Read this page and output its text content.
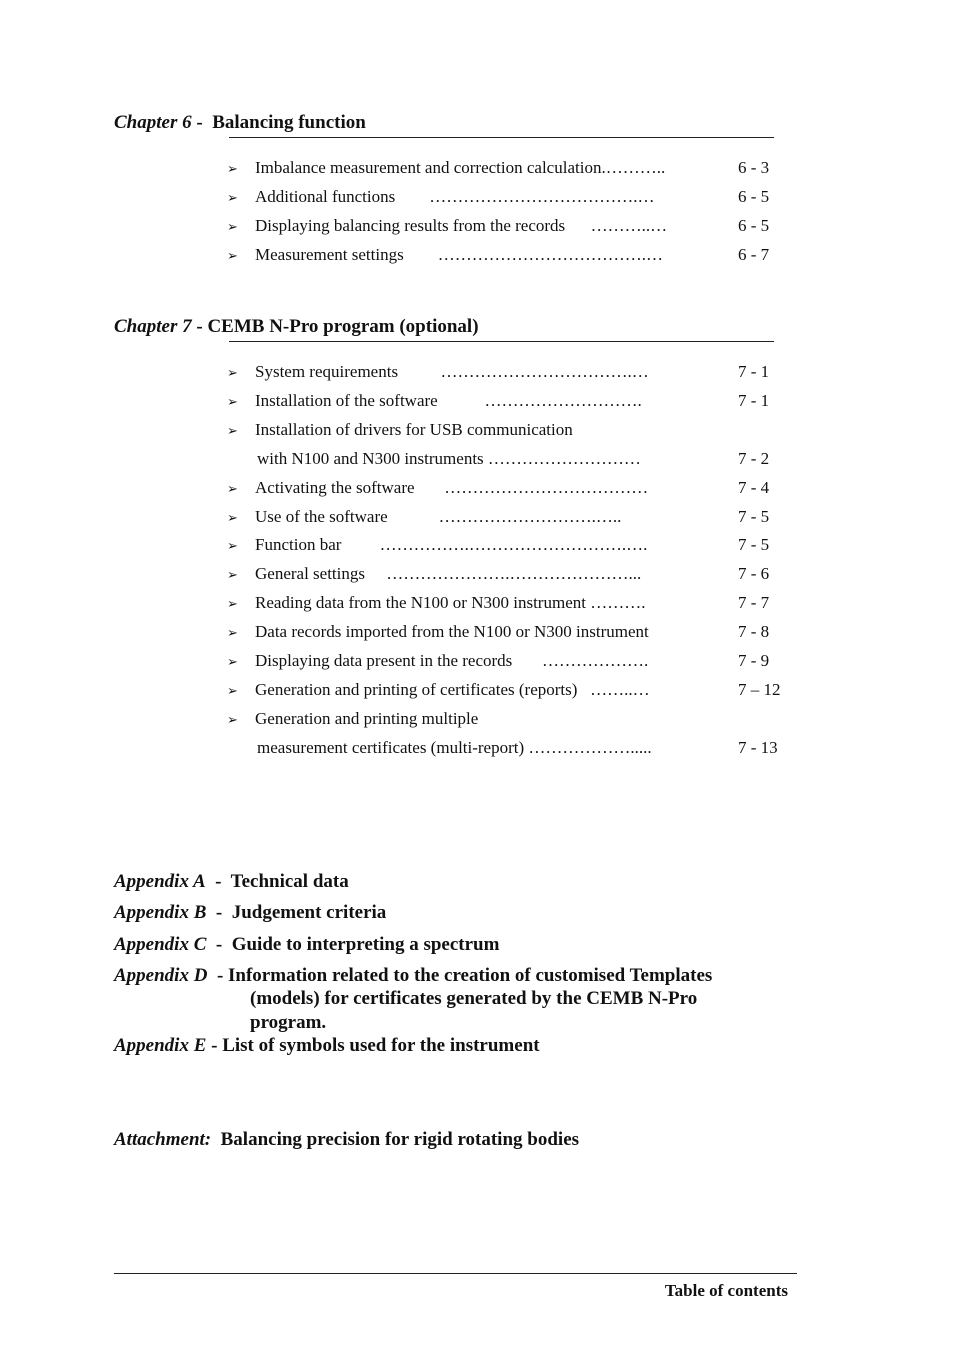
Chapter 6 -  Balancing function
➢ Imbalance measurement and correction calculation.………..	6 - 3
➢ Additional functions        ……………………………….…	6 - 5
➢ Displaying balancing results from the records      ………..…	6 - 5
➢ Measurement settings        ……………………………….…	6 - 7
Chapter 7 - CEMB N-Pro program (optional)
➢ System requirements          …………………………….…	7 - 1
➢ Installation of the software           ……………………….	7 - 1
➢ Installation of drivers for USB communication
with N100 and N300 instruments ………………………	7 - 2
➢ Activating the software       ………………………………	7 - 4
➢ Use of the software            ……………………….…..	7 - 5
➢ Function bar         …………….……………………….….	7 - 5
➢ General settings     ………………….…………………...	7 - 6
➢ Reading data from the N100 or N300 instrument ……….	7 - 7
➢ Data records imported from the N100 or N300 instrument	7 - 8
➢ Displaying data present in the records       ……………….	7 - 9
➢ Generation and printing of certificates (reports)   ……..…	7 – 12
➢ Generation and printing multiple
measurement certificates (multi-report) ……………….....	7 - 13
Appendix A  -  Technical data
Appendix B  -  Judgement criteria
Appendix C  -  Guide to interpreting a spectrum
Appendix D  - Information related to the creation of customised Templates
(models) for certificates generated by the CEMB N-Pro
program.
Appendix E - List of symbols used for the instrument
Attachment: Balancing precision for rigid rotating bodies
Table of contents
